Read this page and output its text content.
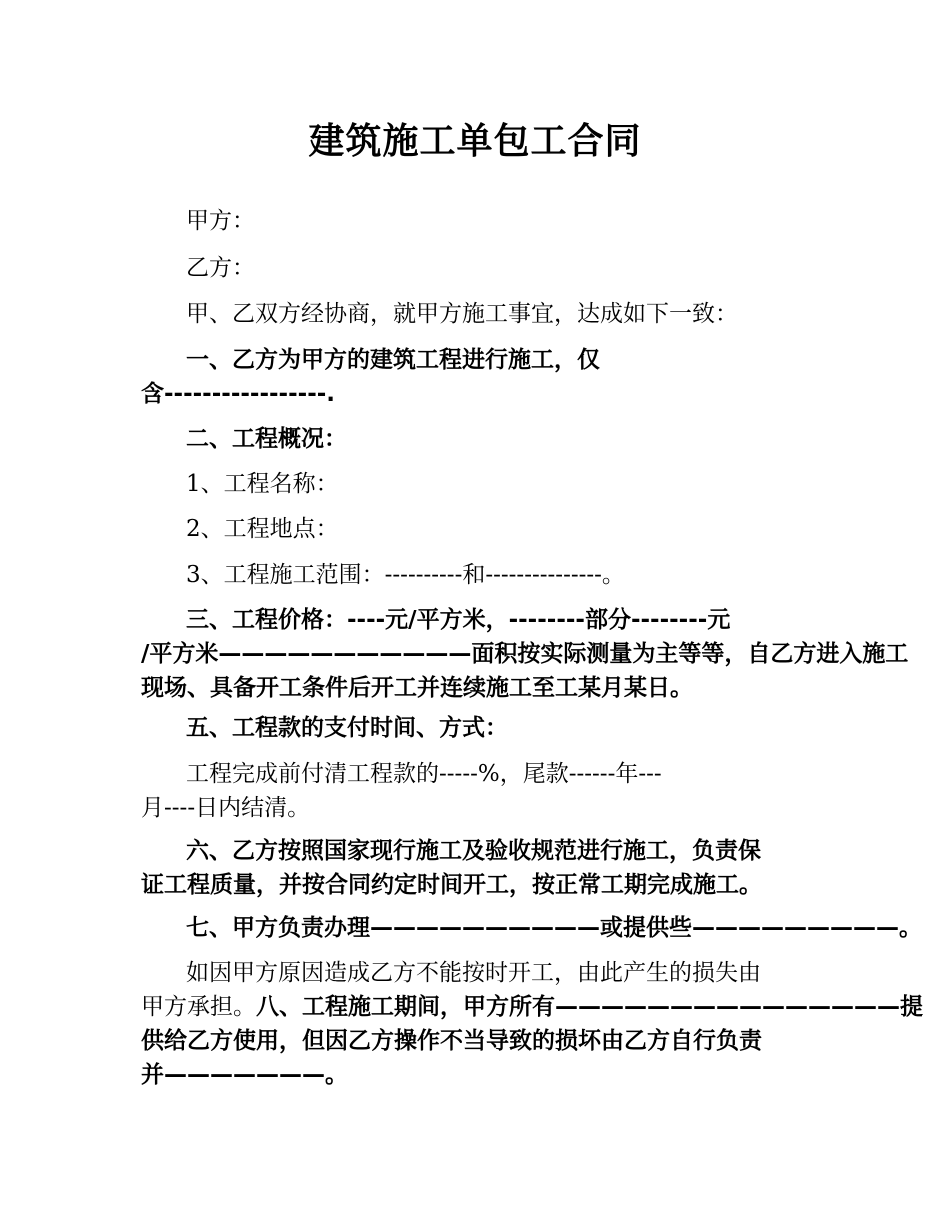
建筑施工单包工合同
甲方：
乙方：
甲、乙双方经协商，就甲方施工事宜，达成如下一致：
一、乙方为甲方的建筑工程进行施工，仅
含-----------------.
二、工程概况：
1、工程名称：
2、工程地点：
3、工程施工范围：----------和---------------。
三、工程价格：----元/平方米，--------部分--------元
/平方米———————————面积按实际测量为主等等，自乙方进入施工
现场、具备开工条件后开工并连续施工至工某月某日。
五、工程款的支付时间、方式：
工程完成前付清工程款的-----%，尾款------年---
月----日内结清。
六、乙方按照国家现行施工及验收规范进行施工，负责保
证工程质量，并按合同约定时间开工，按正常工期完成施工。
七、甲方负责办理——————————或提供些—————————。
如因甲方原因造成乙方不能按时开工，由此产生的损失由
甲方承担。八、工程施工期间，甲方所有———————————————提
供给乙方使用，但因乙方操作不当导致的损坏由乙方自行负责
并———————。
